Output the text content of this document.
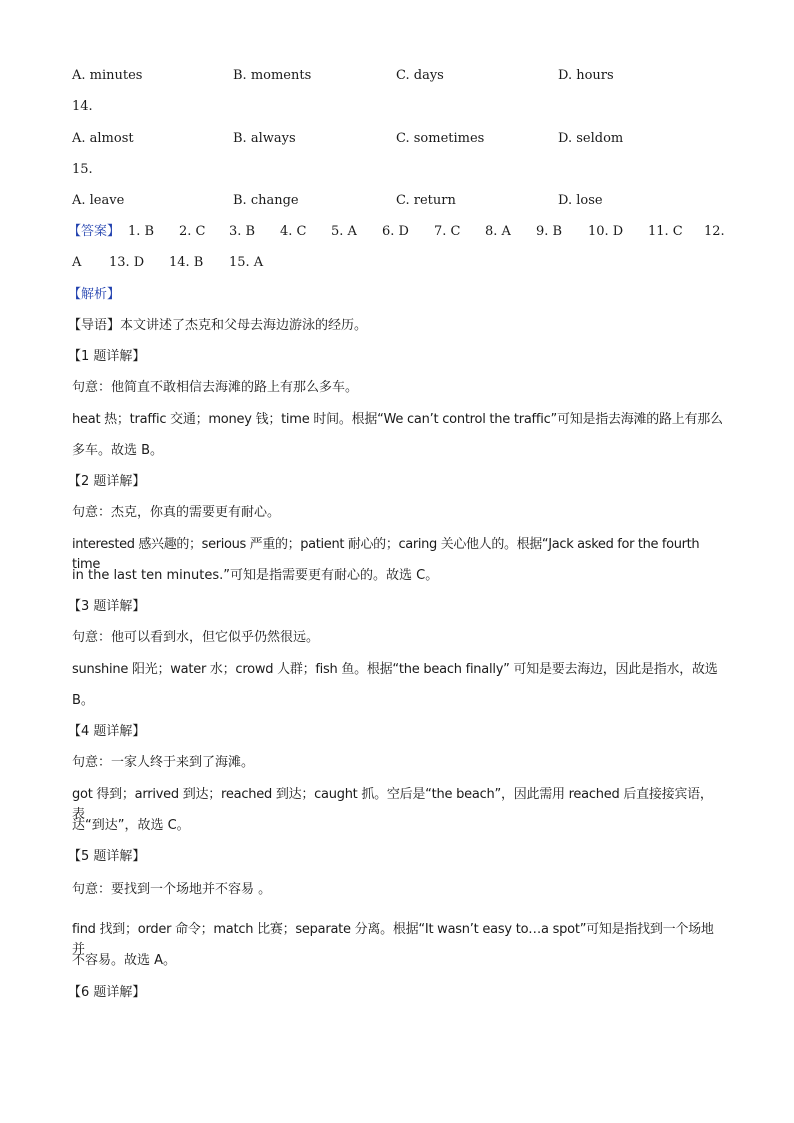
A. minutes	B. moments	C. days	D. hours
14.
A. almost	B. always	C. sometimes	D. seldom
15.
A. leave	B. change	C. return	D. lose
【答案】 1. B 2. C 3. B 4. C 5. A 6. D 7. C 8. A 9. B 10. D 11. C 12.
A 13. D 14. B 15. A
【解析】
【导语】本文讲述了杰克和父母去海边游泳的经历。
【1 题详解】
句意：他简直不敢相信去海滩的路上有那么多车。
heat 热；traffic 交通；money 钱；time 时间。根据“We can’t control the traffic”可知是指去海滩的路上有那么
多车。故选 B。
【2 题详解】
句意：杰克，你真的需要更有耐心。
interested 感兴趣的；serious 严重的；patient 耐心的；caring 关心他人的。根据“Jack asked for the fourth time
in the last ten minutes.”可知是指需要更有耐心的。故选 C。
【3 题详解】
句意：他可以看到水，但它似乎仍然很远。
sunshine 阳光；water 水；crowd 人群；fish 鱼。根据“the beach finally” 可知是要去海边，因此是指水，故选
B。
【4 题详解】
句意：一家人终于来到了海滩。
got 得到；arrived 到达；reached 到达；caught 抓。空后是“the beach”，因此需用 reached 后直接接宾语，表
达“到达”，故选 C。
【5 题详解】
句意：要找到一个场地并不容易 。
find 找到；order 命令；match 比赛；separate 分离。根据“It wasn’t easy to…a spot”可知是指找到一个场地并
不容易。故选 A。
【6 题详解】
